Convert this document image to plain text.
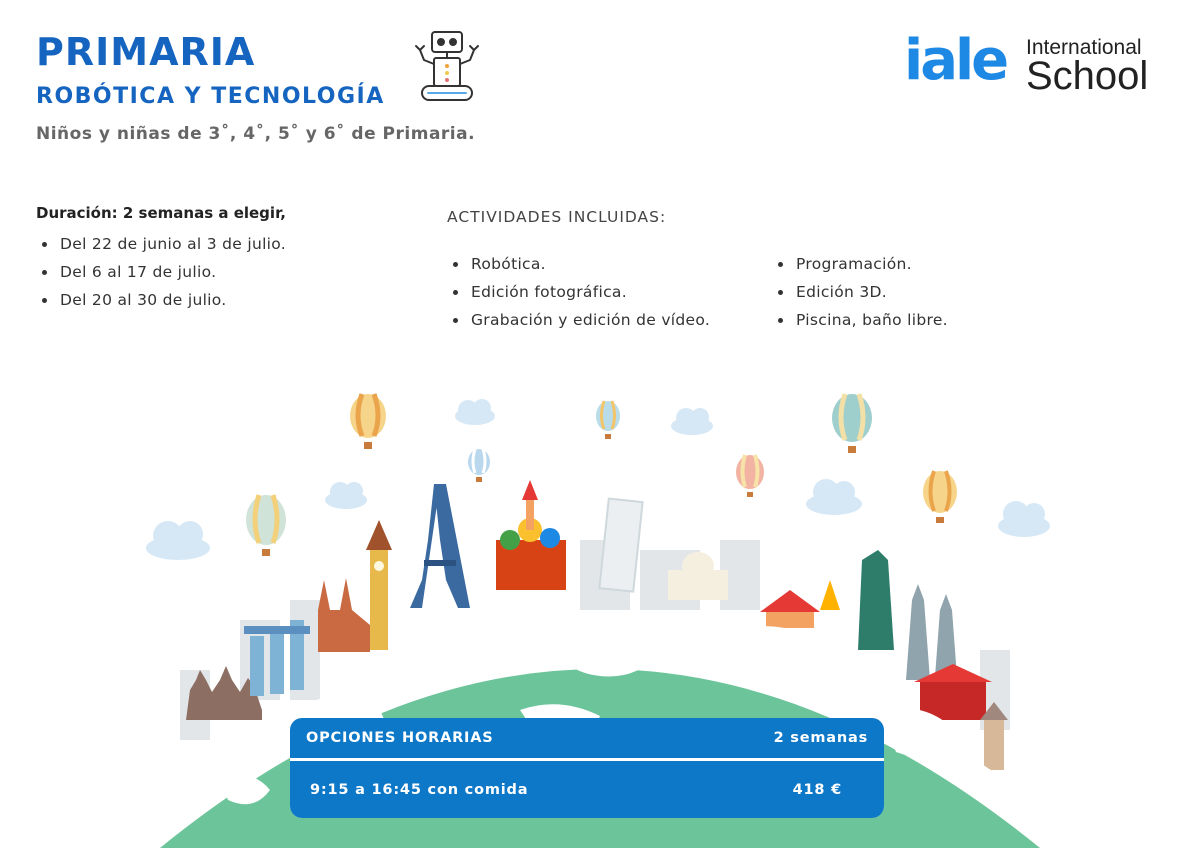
PRIMARIA
ROBÓTICA Y TECNOLOGÍA
Niños y niñas de 3˚, 4˚, 5˚ y 6˚ de Primaria.
iale International
School
Duración: 2 semanas a elegir,
Del 22 de junio al 3 de julio.
Del 6 al 17 de julio.
Del 20 al 30 de julio.
ACTIVIDADES INCLUIDAS:
Robótica.
Edición fotográfica.
Grabación y edición de vídeo.
Programación.
Edición 3D.
Piscina, baño libre.
OPCIONES HORARIAS	2 semanas
9:15 a 16:45 con comida	418 €
